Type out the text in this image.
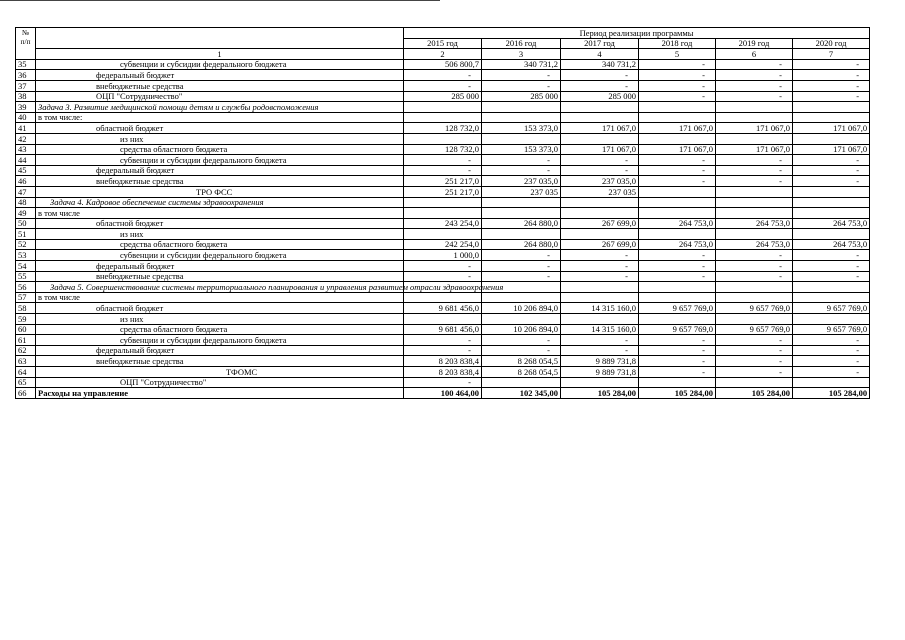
№
п/п		Период реализации программы					
		2015 год	2016 год	2017 год	2018 год	2019 год	2020 год
	1	2	3	4	5	6	7
35	субвенции и субсидии федерального бюджета	506 800,7	340 731,2	340 731,2	-	-	-
36	федеральный бюджет	-	-	-	-	-	-
37	внебюджетные средства	-	-	-	-	-	-
38	ОЦП "Сотрудничество"	285 000	285 000	285 000	-	-	-
39	Задача 3. Развитие медицинской помощи детям и службы родовспоможения						
40	в том числе:						
41	областной бюджет	128 732,0	153 373,0	171 067,0	171 067,0	171 067,0	171 067,0
42	из них						
43	средства областного бюджета	128 732,0	153 373,0	171 067,0	171 067,0	171 067,0	171 067,0
44	субвенции и субсидии федерального бюджета	-	-	-	-	-	-
45	федеральный бюджет	-	-	-	-	-	-
46	внебюджетные средства	251 217,0	237 035,0	237 035,0	-	-	-
47	ТРО ФСС	251 217,0	237 035	237 035			
48	Задача 4. Кадровое обеспечение системы здравоохранения						
49	в том числе						
50	областной бюджет	243 254,0	264 880,0	267 699,0	264 753,0	264 753,0	264 753,0
51	из них						
52	средства областного бюджета	242 254,0	264 880,0	267 699,0	264 753,0	264 753,0	264 753,0
53	субвенции и субсидии федерального бюджета	1 000,0	-	-	-	-	-
54	федеральный бюджет	-	-	-	-	-	-
55	внебюджетные средства	-	-	-	-	-	-
56	Задача 5. Совершенствование системы территориального планирования и управления развитием отрасли здравоохранения						
57	в том числе						
58	областной бюджет	9 681 456,0	10 206 894,0	14 315 160,0	9 657 769,0	9 657 769,0	9 657 769,0
59	из них						
60	средства областного бюджета	9 681 456,0	10 206 894,0	14 315 160,0	9 657 769,0	9 657 769,0	9 657 769,0
61	субвенции и субсидии федерального бюджета	-	-	-	-	-	-
62	федеральный бюджет	-	-	-	-	-	-
63	внебюджетные средства	8 203 838,4	8 268 054,5	9 889 731,8	-	-	-
64	ТФОМС	8 203 838,4	8 268 054,5	9 889 731,8	-	-	-
65	ОЦП "Сотрудничество"	-					
66	Расходы на управление	100 464,00	102 345,00	105 284,00	105 284,00	105 284,00	105 284,00
